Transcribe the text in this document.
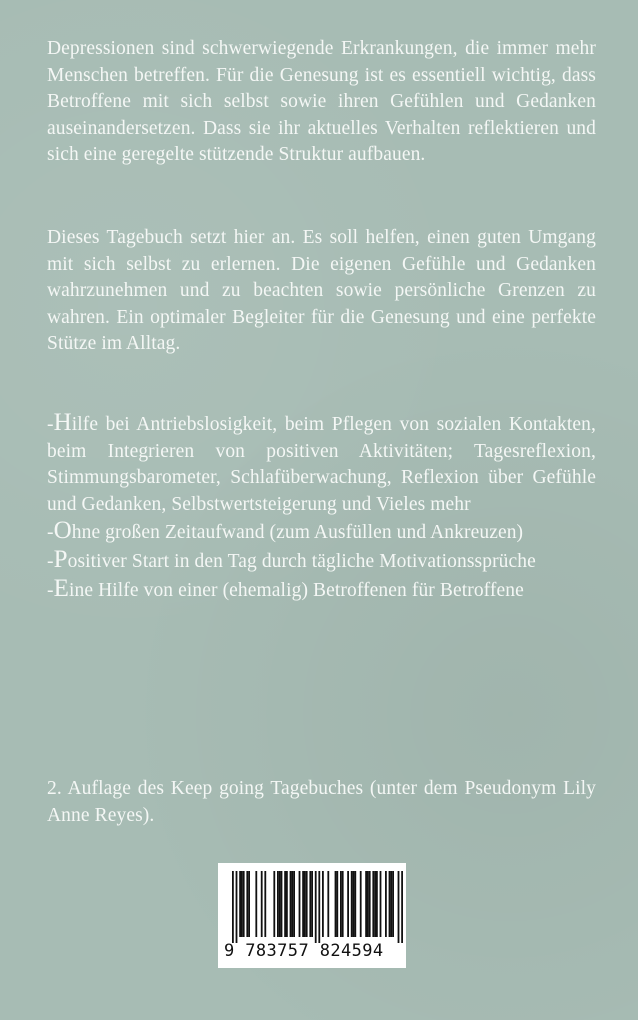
Depressionen sind schwerwiegende Erkrankungen, die immer mehr Menschen betreffen. Für die Genesung ist es essentiell wichtig, dass Betroffene mit sich selbst sowie ihren Gefühlen und Gedanken auseinandersetzen. Dass sie ihr aktuelles Verhalten reflektieren und sich eine geregelte stützende Struktur aufbauen.

Dieses Tagebuch setzt hier an. Es soll helfen, einen guten Umgang mit sich selbst zu erlernen. Die eigenen Gefühle und Gedanken wahrzunehmen und zu beachten sowie persönliche Grenzen zu wahren. Ein optimaler Begleiter für die Genesung und eine perfekte Stütze im Alltag.

-Hilfe bei Antriebslosigkeit, beim Pflegen von sozialen Kontakten, beim Integrieren von positiven Aktivitäten; Tagesreflexion, Stimmungsbarometer, Schlafüberwachung, Reflexion über Gefühle und Gedanken, Selbstwertsteigerung und Vieles mehr

-Ohne großen Zeitaufwand (zum Ausfüllen und Ankreuzen)

-Positiver Start in den Tag durch tägliche Motivationssprüche

-Eine Hilfe von einer (ehemalig) Betroffenen für Betroffene

2. Auflage des Keep going Tagebuches (unter dem Pseudonym Lily Anne Reyes).

9 783757 824594
